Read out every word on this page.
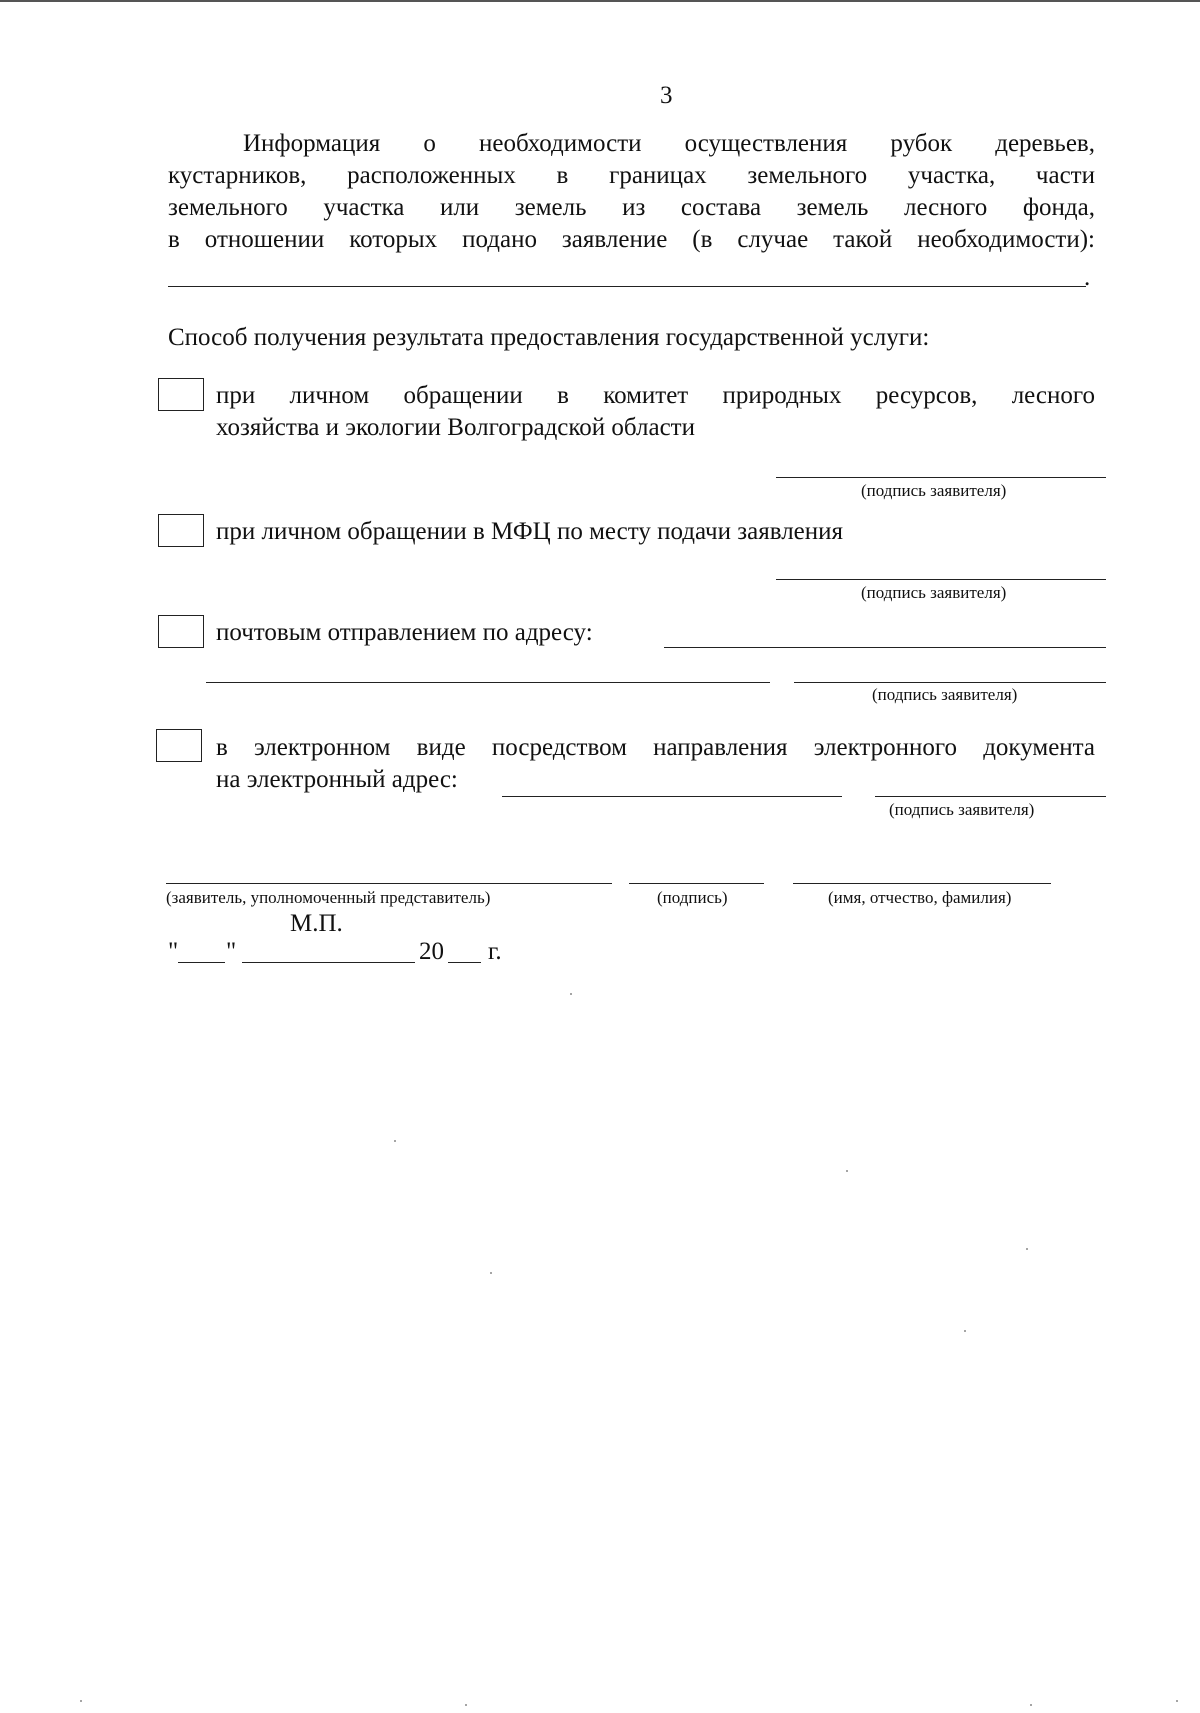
3
Информация о необходимости осуществления рубок деревьев,
кустарников, расположенных в границах земельного участка, части
земельного участка или земель из состава земель лесного фонда,
в отношении которых подано заявление (в случае такой необходимости):
.
Способ получения результата предоставления государственной услуги:
при личном обращении в комитет природных ресурсов, лесного
хозяйства и экологии Волгоградской области
(подпись заявителя)
при личном обращении в МФЦ по месту подачи заявления
(подпись заявителя)
почтовым отправлением по адресу:
(подпись заявителя)
в электронном виде посредством направления электронного документа
на электронный адрес:
(подпись заявителя)
(заявитель, уполномоченный представитель)	(подпись)	(имя, отчество, фамилия)
М.П.
" "	20 г.
